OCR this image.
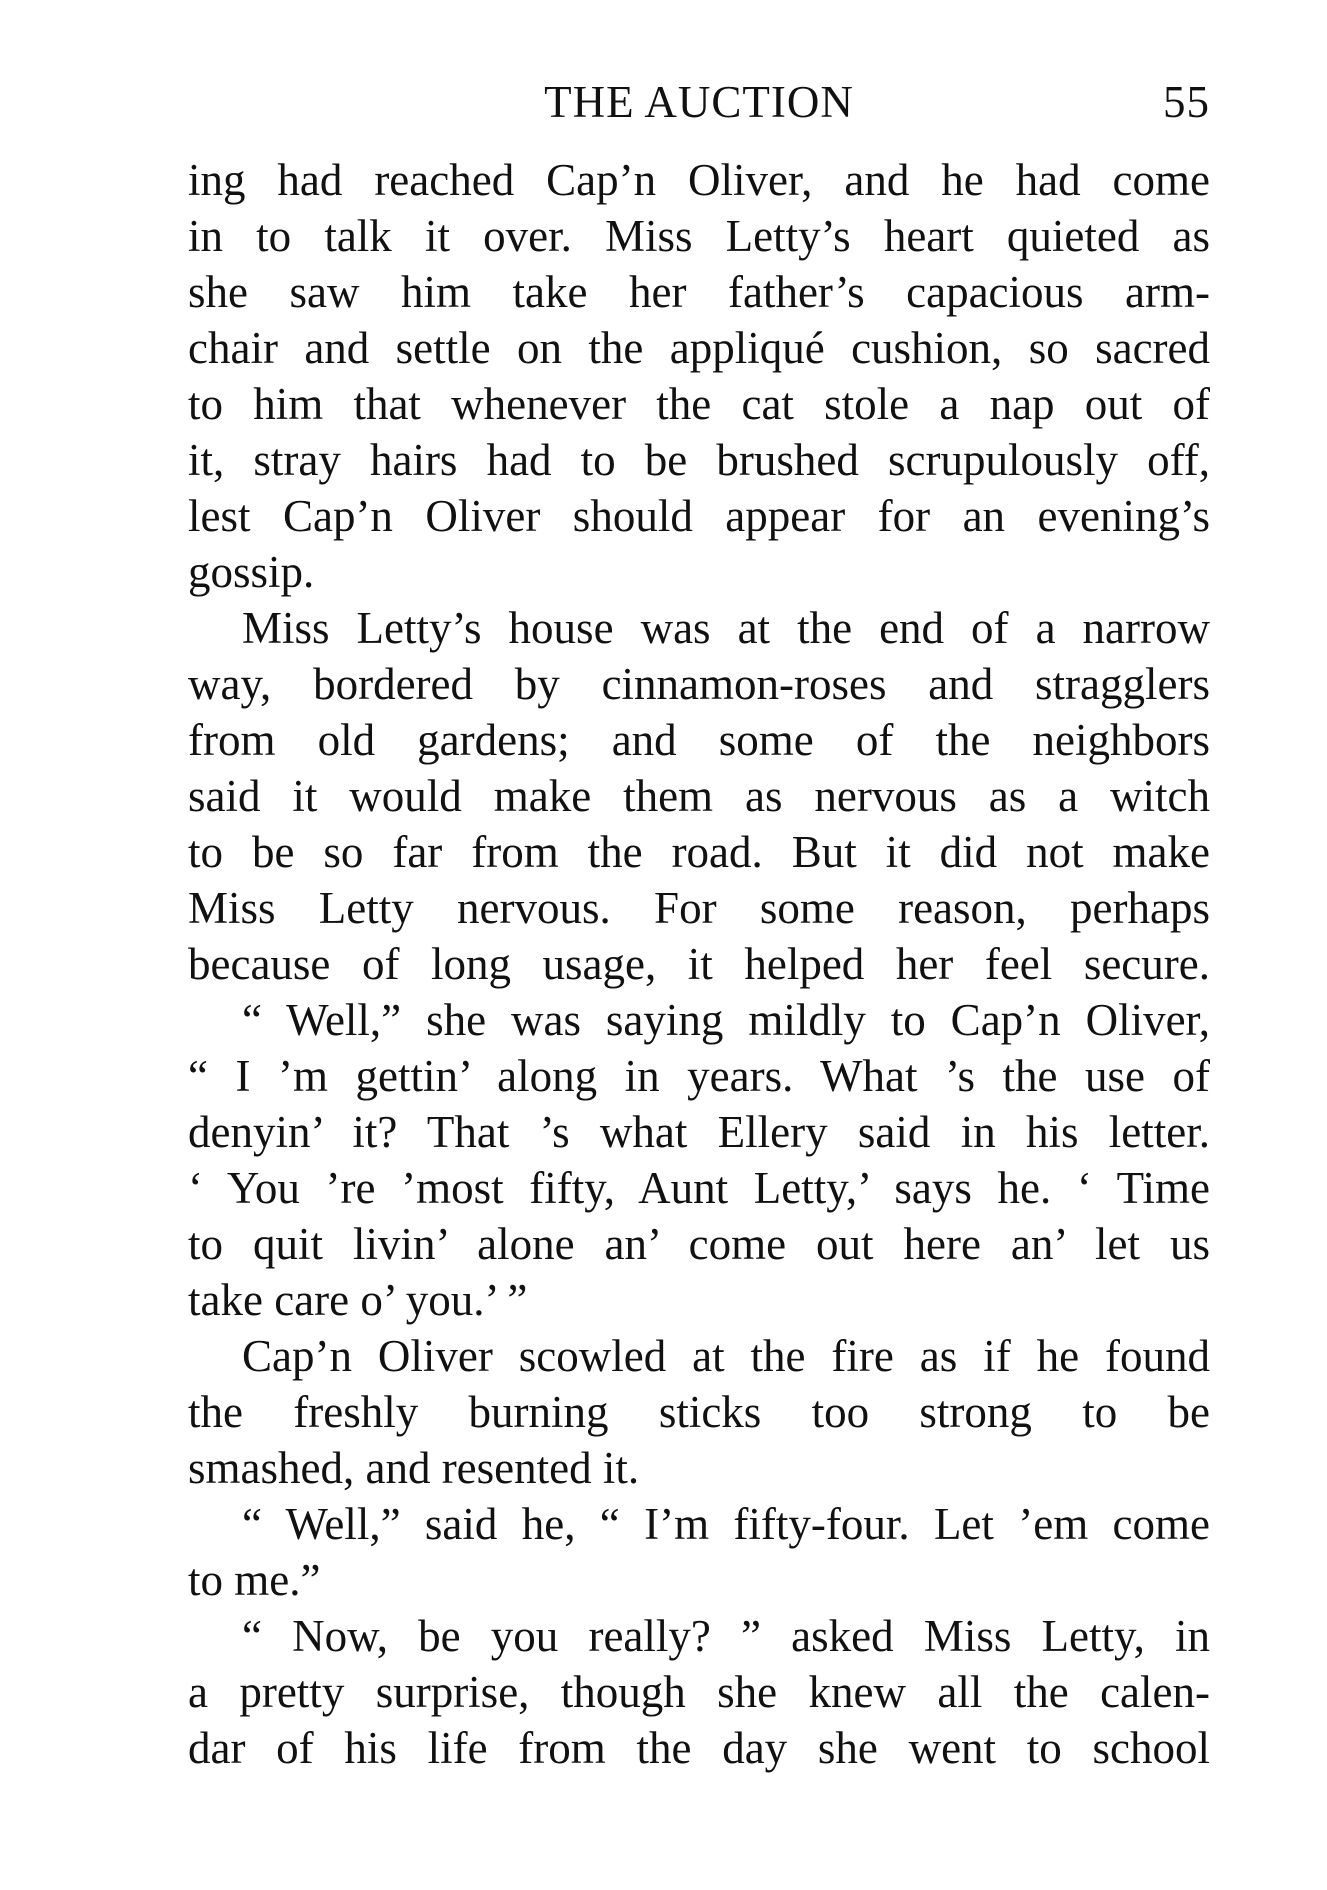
THE AUCTION	55
ing had reached Cap’n Oliver, and he had come
in to talk it over. Miss Letty’s heart quieted as
she saw him take her father’s capacious arm-
chair and settle on the appliqué cushion, so sacred
to him that whenever the cat stole a nap out of
it, stray hairs had to be brushed scrupulously off,
lest Cap’n Oliver should appear for an evening’s
gossip.
Miss Letty’s house was at the end of a narrow
way, bordered by cinnamon-roses and stragglers
from old gardens; and some of the neighbors
said it would make them as nervous as a witch
to be so far from the road. But it did not make
Miss Letty nervous. For some reason, perhaps
because of long usage, it helped her feel secure.
“ Well,” she was saying mildly to Cap’n Oliver,
“ I ’m gettin’ along in years. What ’s the use of
denyin’ it? That ’s what Ellery said in his letter.
‘ You ’re ’most fifty, Aunt Letty,’ says he. ‘ Time
to quit livin’ alone an’ come out here an’ let us
take care o’ you.’ ”
Cap’n Oliver scowled at the fire as if he found
the freshly burning sticks too strong to be
smashed, and resented it.
“ Well,” said he, “ I’m fifty-four. Let ’em come
to me.”
“ Now, be you really? ” asked Miss Letty, in
a pretty surprise, though she knew all the calen-
dar of his life from the day she went to school
